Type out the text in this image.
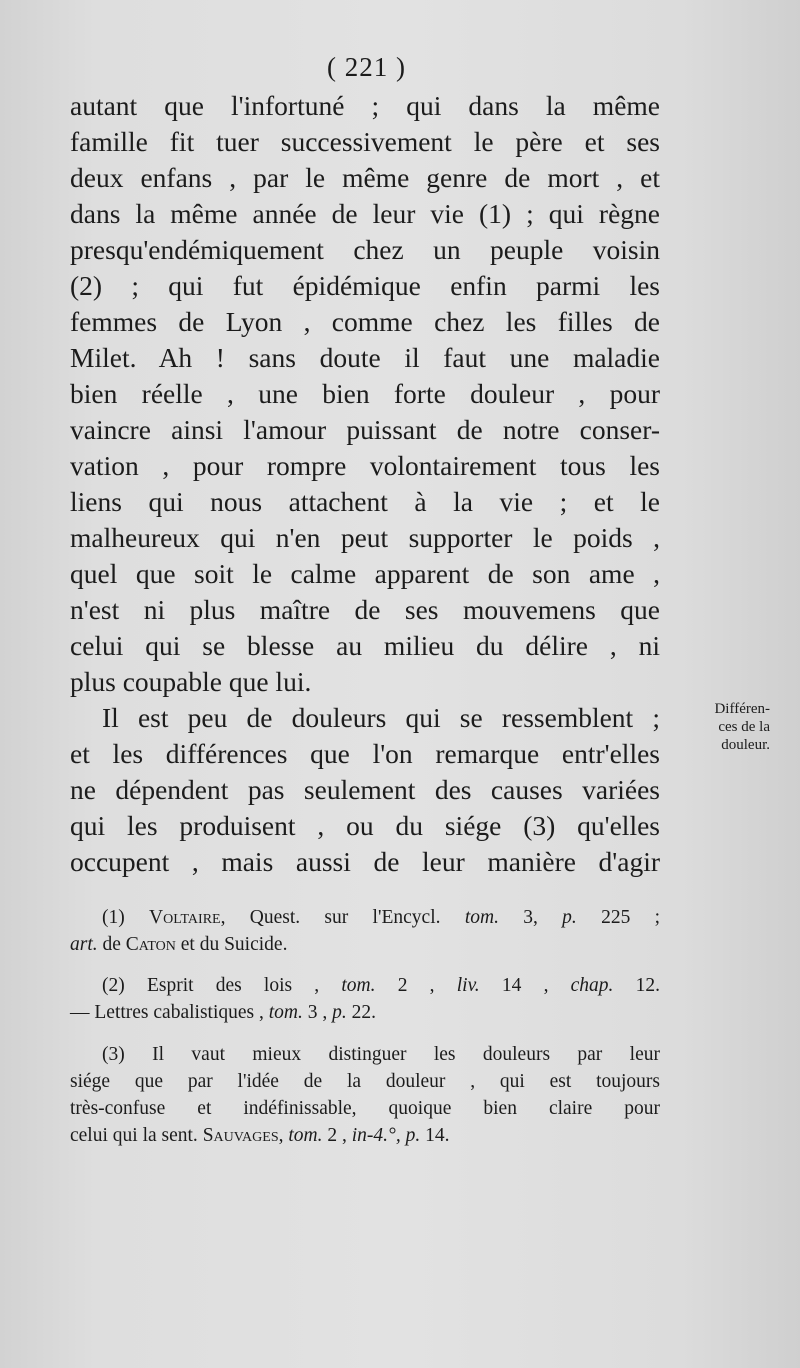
( 221 )
autant que l'infortuné ; qui dans la même
famille fit tuer successivement le père et ses
deux enfans , par le même genre de mort , et
dans la même année de leur vie (1) ; qui règne
presqu'endémiquement chez un peuple voisin
(2) ; qui fut épidémique enfin parmi les
femmes de Lyon , comme chez les filles de
Milet. Ah ! sans doute il faut une maladie
bien réelle , une bien forte douleur , pour
vaincre ainsi l'amour puissant de notre conser-
vation , pour rompre volontairement tous les
liens qui nous attachent à la vie ; et le
malheureux qui n'en peut supporter le poids ,
quel que soit le calme apparent de son ame ,
n'est ni plus maître de ses mouvemens que
celui qui se blesse au milieu du délire , ni
plus coupable que lui.
Il est peu de douleurs qui se ressemblent ;
et les différences que l'on remarque entr'elles
ne dépendent pas seulement des causes variées
qui les produisent , ou du siége (3) qu'elles
occupent , mais aussi de leur manière d'agir
Différen-
ces de la
douleur.
(1) Voltaire, Quest. sur l'Encycl. tom. 3, p. 225 ;
art. de Caton et du Suicide.
(2) Esprit des lois , tom. 2 , liv. 14 , chap. 12.
— Lettres cabalistiques , tom. 3 , p. 22.
(3) Il vaut mieux distinguer les douleurs par leur
siége que par l'idée de la douleur , qui est toujours
très-confuse et indéfinissable, quoique bien claire pour
celui qui la sent. Sauvages, tom. 2 , in-4.°, p. 14.
